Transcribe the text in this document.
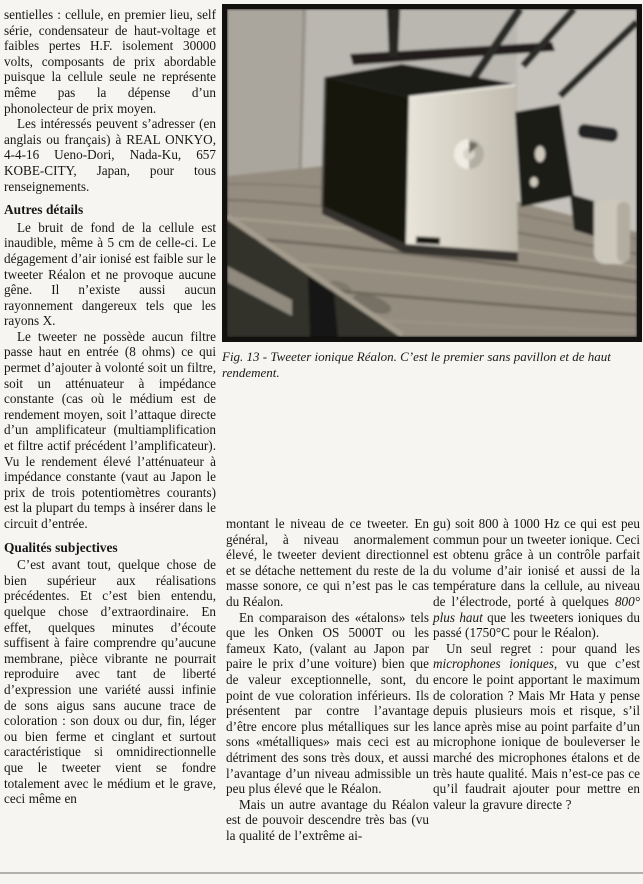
sentielles : cellule, en premier lieu, self série, condensateur de haut-voltage et faibles pertes H.F. isolement 30000 volts, composants de prix abordable puisque la cellule seule ne représente même pas la dépense d’un phonolecteur de prix moyen.

Les intéressés peuvent s’adresser (en anglais ou français) à REAL ONKYO, 4-4-16 Ueno-Dori, Nada-Ku, 657 KOBE-CITY, Japan, pour tous renseignements.

Autres détails

Le bruit de fond de la cellule est inaudible, même à 5 cm de celle-ci. Le dégagement d’air ionisé est faible sur le tweeter Réalon et ne provoque aucune gêne. Il n’existe aussi aucun rayonnement dangereux tels que les rayons X.

Le tweeter ne possède aucun filtre passe haut en entrée (8 ohms) ce qui permet d’ajouter à volonté soit un filtre, soit un atténuateur à impédance constante (cas où le médium est de rendement moyen, soit l’attaque directe d’un amplificateur (multiamplification et filtre actif précédent l’amplificateur). Vu le rendement élevé l’atténuateur à impédance constante (vaut au Japon le prix de trois potentiomètres courants) est la plupart du temps à insérer dans le circuit d’entrée.

Qualités subjectives

C’est avant tout, quelque chose de bien supérieur aux réalisations précédentes. Et c’est bien entendu, quelque chose d’extraordinaire. En effet, quelques minutes d’écoute suffisent à faire comprendre qu’aucune membrane, pièce vibrante ne pourrait reproduire avec tant de liberté d’expression une variété aussi infinie de sons aigus sans aucune trace de coloration : son doux ou dur, fin, léger ou bien ferme et cinglant et surtout caractéristique si omnidirectionnelle que le tweeter vient se fondre totalement avec le médium et le grave, ceci même en

Fig. 13 - Tweeter ionique Réalon. C’est le premier sans pavillon et de haut rendement.

montant le niveau de ce tweeter. En général, à niveau anormalement élevé, le tweeter devient directionnel et se détache nettement du reste de la masse sonore, ce qui n’est pas le cas du Réalon.

En comparaison des «étalons» tels que les Onken OS 5000T ou les fameux Kato, (valant au Japon par paire le prix d’une voiture) bien que de valeur exceptionnelle, sont, du point de vue coloration inférieurs. Ils présentent par contre l’avantage d’être encore plus métalliques sur les sons «métalliques» mais ceci est au détriment des sons très doux, et aussi l’avantage d’un niveau admissible un peu plus élevé que le Réalon.

Mais un autre avantage du Réalon est de pouvoir descendre très bas (vu la qualité de l’extrême ai-

gu) soit 800 à 1000 Hz ce qui est peu commun pour un tweeter ionique. Ceci est obtenu grâce à un contrôle parfait du volume d’air ionisé et aussi de la température dans la cellule, au niveau de l’électrode, porté à quelques 800° plus haut que les tweeters ioniques du passé (1750°C pour le Réalon).

Un seul regret : pour quand les microphones ioniques, vu que c’est encore le point apportant le maximum de coloration ? Mais Mr Hata y pense depuis plusieurs mois et risque, s’il lance après mise au point parfaite d’un microphone ionique de bouleverser le marché des microphones étalons et de très haute qualité. Mais n’est-ce pas ce qu’il faudrait ajouter pour mettre en valeur la gravure directe ?
